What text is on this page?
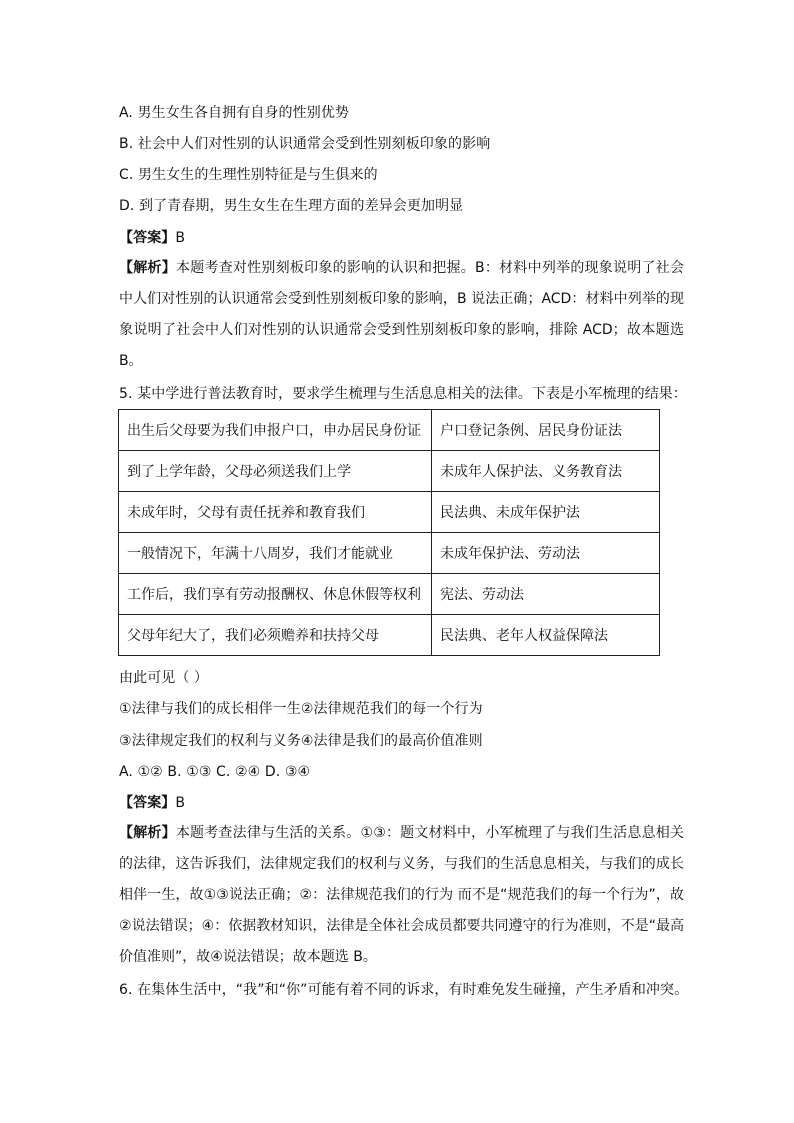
A. 男生女生各自拥有自身的性别优势
B. 社会中人们对性别的认识通常会受到性别刻板印象的影响
C. 男生女生的生理性别特征是与生俱来的
D. 到了青春期，男生女生在生理方面的差异会更加明显
【答案】B
【解析】本题考查对性别刻板印象的影响的认识和把握。B：材料中列举的现象说明了社会中人们对性别的认识通常会受到性别刻板印象的影响，B 说法正确；ACD：材料中列举的现象说明了社会中人们对性别的认识通常会受到性别刻板印象的影响，排除 ACD；故本题选B。
5. 某中学进行普法教育时，要求学生梳理与生活息息相关的法律。下表是小军梳理的结果：
出生后父母要为我们申报户口，申办居民身份证	户口登记条例、居民身份证法
到了上学年龄，父母必须送我们上学	未成年人保护法、义务教育法
未成年时，父母有责任抚养和教育我们	民法典、未成年保护法
一般情况下，年满十八周岁，我们才能就业	未成年保护法、劳动法
工作后，我们享有劳动报酬权、休息休假等权利	宪法、劳动法
父母年纪大了，我们必须赡养和扶持父母	民法典、老年人权益保障法
由此可见（ ）
①法律与我们的成长相伴一生②法律规范我们的每一个行为
③法律规定我们的权利与义务④法律是我们的最高价值准则
A. ①② B. ①③ C. ②④ D. ③④
【答案】B
【解析】本题考查法律与生活的关系。①③：题文材料中，小军梳理了与我们生活息息相关的法律，这告诉我们，法律规定我们的权利与义务，与我们的生活息息相关，与我们的成长相伴一生，故①③说法正确；②：法律规范我们的行为 而不是“规范我们的每一个行为”，故②说法错误；④：依据教材知识，法律是全体社会成员都要共同遵守的行为准则，不是“最高价值准则”，故④说法错误；故本题选 B。
6. 在集体生活中，“我”和“你”可能有着不同的诉求，有时难免发生碰撞，产生矛盾和冲突。
